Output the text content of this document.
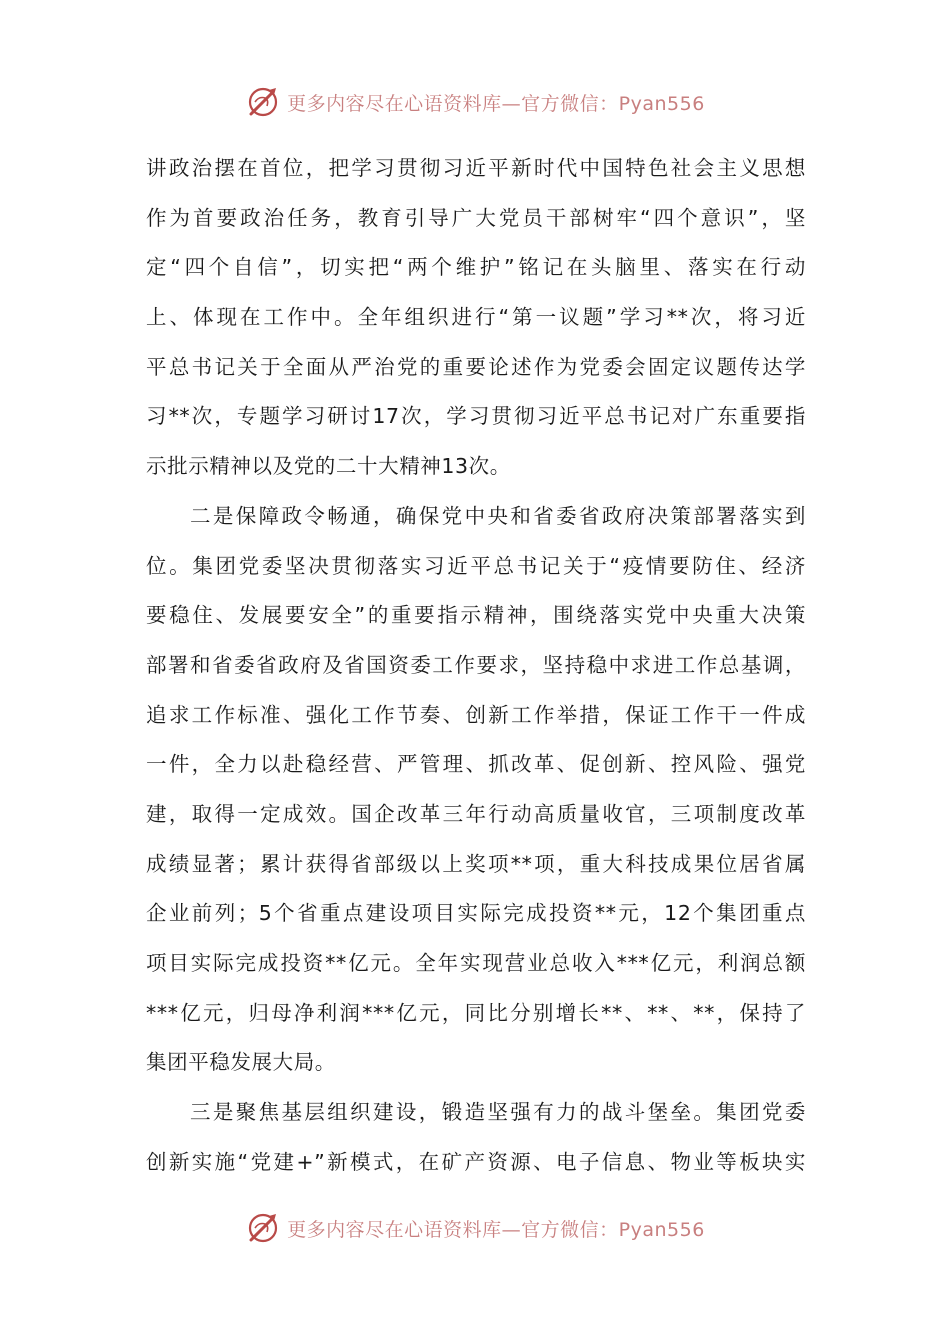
更多内容尽在心语资料库—官方微信：Pyan556
讲政治摆在首位，把学习贯彻习近平新时代中国特色社会主义思想
作为首要政治任务，教育引导广大党员干部树牢“四个意识”，坚
定“四个自信”，切实把“两个维护”铭记在头脑里、落实在行动
上、体现在工作中。全年组织进行“第一议题”学习**次，将习近
平总书记关于全面从严治党的重要论述作为党委会固定议题传达学
习**次，专题学习研讨17次，学习贯彻习近平总书记对广东重要指
示批示精神以及党的二十大精神13次。
二是保障政令畅通，确保党中央和省委省政府决策部署落实到
位。集团党委坚决贯彻落实习近平总书记关于“疫情要防住、经济
要稳住、发展要安全”的重要指示精神，围绕落实党中央重大决策
部署和省委省政府及省国资委工作要求，坚持稳中求进工作总基调，
追求工作标准、强化工作节奏、创新工作举措，保证工作干一件成
一件，全力以赴稳经营、严管理、抓改革、促创新、控风险、强党
建，取得一定成效。国企改革三年行动高质量收官，三项制度改革
成绩显著；累计获得省部级以上奖项**项，重大科技成果位居省属
企业前列；5个省重点建设项目实际完成投资**元，12个集团重点
项目实际完成投资**亿元。全年实现营业总收入***亿元，利润总额
***亿元，归母净利润***亿元，同比分别增长**、**、**，保持了
集团平稳发展大局。
三是聚焦基层组织建设，锻造坚强有力的战斗堡垒。集团党委
创新实施“党建+”新模式，在矿产资源、电子信息、物业等板块实
更多内容尽在心语资料库—官方微信：Pyan556
